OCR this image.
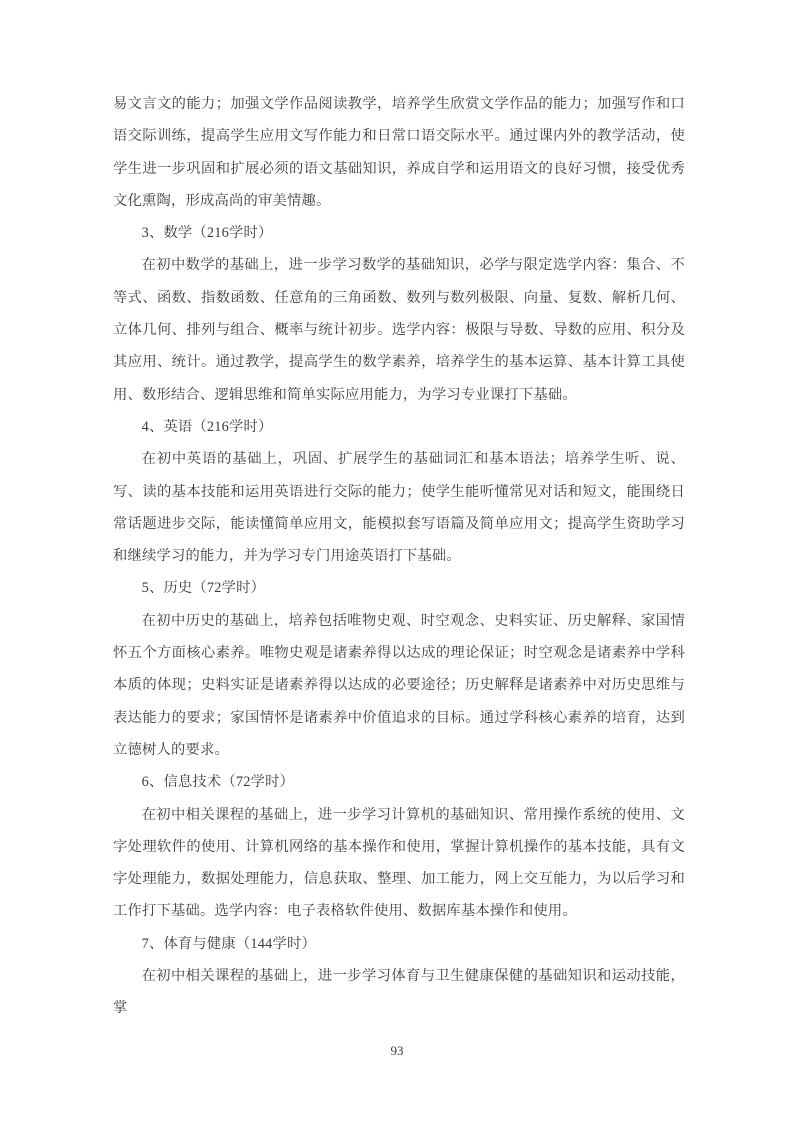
易文言文的能力；加强文学作品阅读教学，培养学生欣赏文学作品的能力；加强写作和口语交际训练，提高学生应用文写作能力和日常口语交际水平。通过课内外的教学活动，使学生进一步巩固和扩展必须的语文基础知识，养成自学和运用语文的良好习惯，接受优秀文化熏陶，形成高尚的审美情趣。

3、数学（216学时）

在初中数学的基础上，进一步学习数学的基础知识，必学与限定选学内容：集合、不等式、函数、指数函数、任意角的三角函数、数列与数列极限、向量、复数、解析几何、立体几何、排列与组合、概率与统计初步。选学内容：极限与导数、导数的应用、积分及其应用、统计。通过教学，提高学生的数学素养，培养学生的基本运算、基本计算工具使用、数形结合、逻辑思维和简单实际应用能力，为学习专业课打下基础。

4、英语（216学时）

在初中英语的基础上，巩固、扩展学生的基础词汇和基本语法；培养学生听、说、写、读的基本技能和运用英语进行交际的能力；使学生能听懂常见对话和短文，能围绕日常话题进步交际，能读懂简单应用文，能模拟套写语篇及简单应用文；提高学生资助学习和继续学习的能力，并为学习专门用途英语打下基础。

5、历史（72学时）

在初中历史的基础上，培养包括唯物史观、时空观念、史料实证、历史解释、家国情怀五个方面核心素养。唯物史观是诸素养得以达成的理论保证；时空观念是诸素养中学科本质的体现；史料实证是诸素养得以达成的必要途径；历史解释是诸素养中对历史思维与表达能力的要求；家国情怀是诸素养中价值追求的目标。通过学科核心素养的培育，达到立德树人的要求。

6、信息技术（72学时）

在初中相关课程的基础上，进一步学习计算机的基础知识、常用操作系统的使用、文字处理软件的使用、计算机网络的基本操作和使用，掌握计算机操作的基本技能，具有文字处理能力，数据处理能力，信息获取、整理、加工能力，网上交互能力，为以后学习和工作打下基础。选学内容：电子表格软件使用、数据库基本操作和使用。

7、体育与健康（144学时）

在初中相关课程的基础上，进一步学习体育与卫生健康保健的基础知识和运动技能，掌

93
